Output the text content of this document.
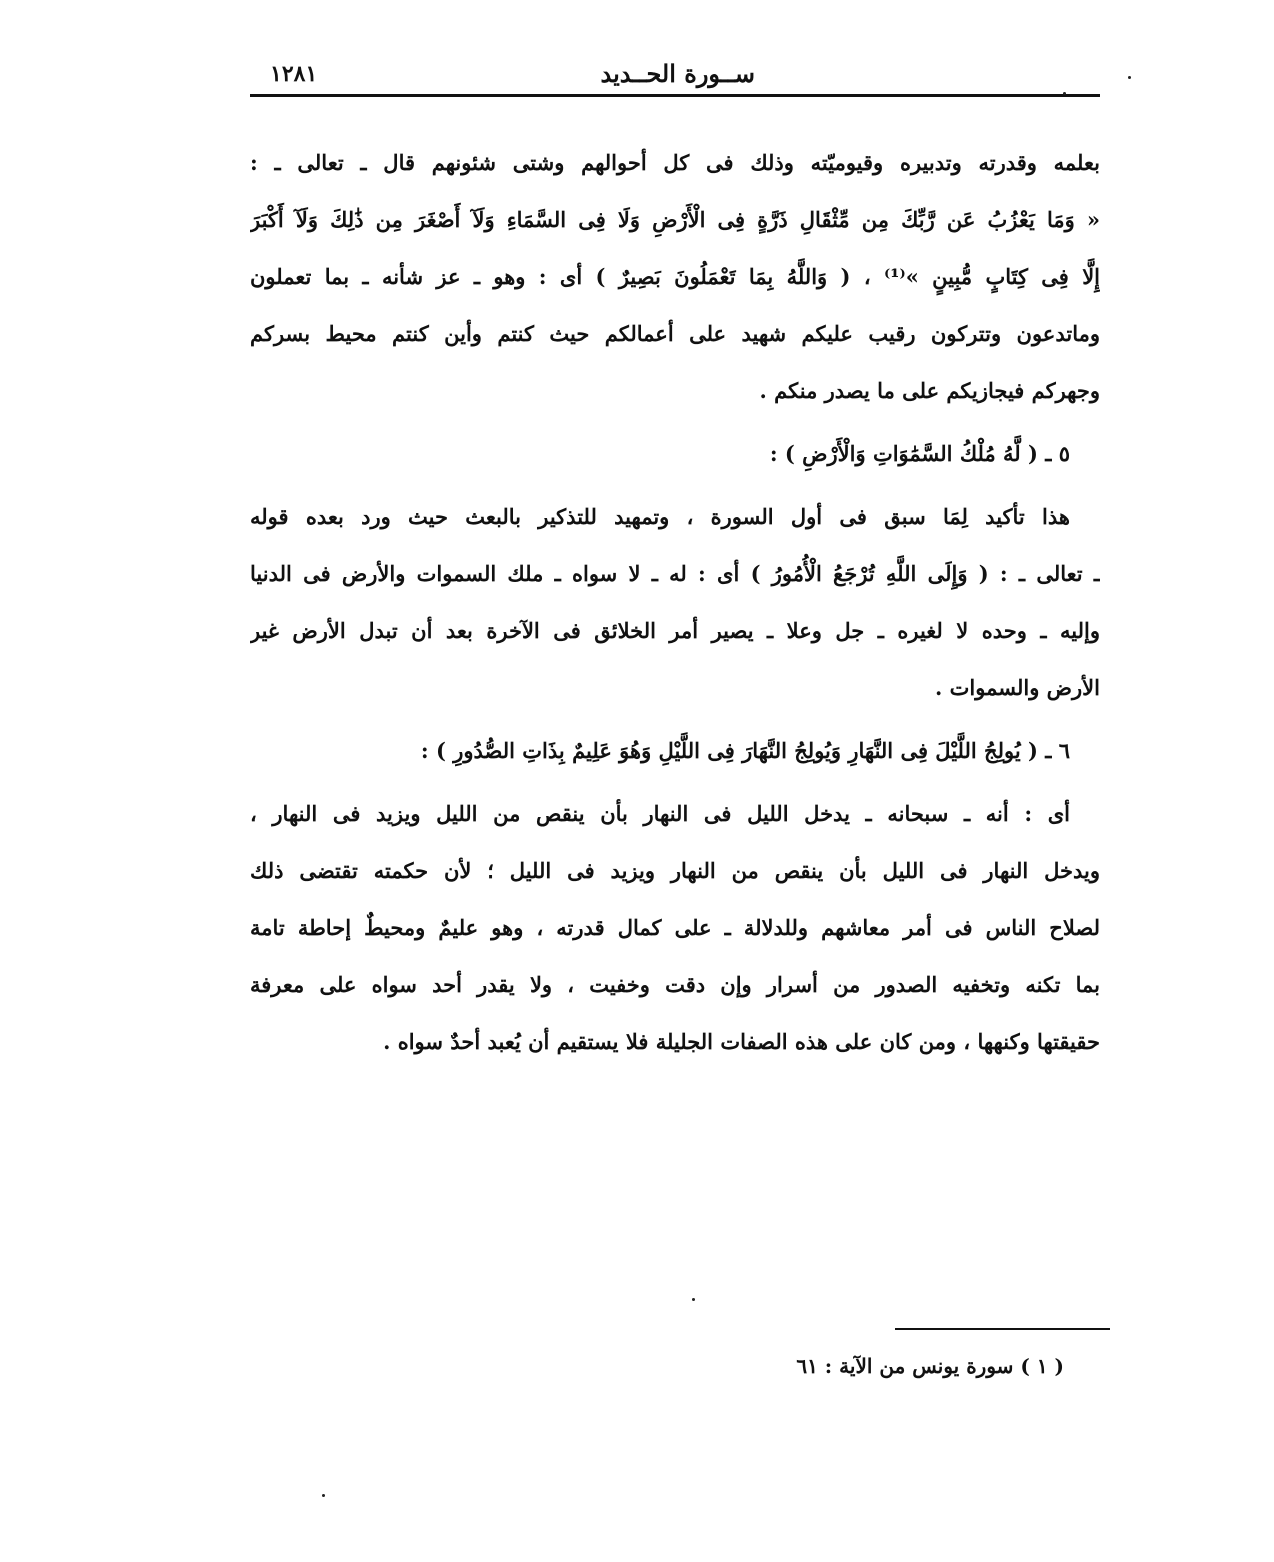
ســورة الحــديد
١٢٨١
بعلمه وقدرته وتدبيره وقيوميّته وذلك فى كل أحوالهم وشتى شئونهم قال ـ تعالى ـ :
« وَمَا يَعْزُبُ عَن رَّبِّكَ مِن مِّثْقَالِ ذَرَّةٍ فِى الْأَرْضِ وَلَا فِى السَّمَاءِ وَلَآ أَصْغَرَ مِن ذَٰلِكَ وَلَآ أَكْبَرَ
إِلَّا فِى كِتَابٍ مُّبِينٍ »⁽¹⁾ ، ( وَاللَّهُ بِمَا تَعْمَلُونَ بَصِيرٌ ) أى : وهو ـ عز شأنه ـ بما تعملون
وماتدعون وتتركون رقيب عليكم شهيد على أعمالكم حيث كنتم وأين كنتم محيط بسركم
وجهركم فيجازيكم على ما يصدر منكم .
٥ ـ ( لَّهُ مُلْكُ السَّمَٰوَاتِ وَالْأَرْضِ ) :
هذا تأكيد لِمَا سبق فى أول السورة ، وتمهيد للتذكير بالبعث حيث ورد بعده قوله
ـ تعالى ـ : ( وَإِلَى اللَّهِ تُرْجَعُ الْأُمُورُ ) أى : له ـ لا سواه ـ ملك السموات والأرض فى الدنيا
وإليه ـ وحده لا لغيره ـ جل وعلا ـ يصير أمر الخلائق فى الآخرة بعد أن تبدل الأرض غير
الأرض والسموات .
٦ ـ ( يُولِجُ اللَّيْلَ فِى النَّهَارِ وَيُولِجُ النَّهَارَ فِى اللَّيْلِ وَهُوَ عَلِيمٌ بِذَاتِ الصُّدُورِ ) :
أى : أنه ـ سبحانه ـ يدخل الليل فى النهار بأن ينقص من الليل ويزيد فى النهار ،
ويدخل النهار فى الليل بأن ينقص من النهار ويزيد فى الليل ؛ لأن حكمته تقتضى ذلك
لصلاح الناس فى أمر معاشهم وللدلالة ـ على كمال قدرته ، وهو عليمٌ ومحيطٌ إحاطة تامة
بما تكنه وتخفيه الصدور من أسرار وإن دقت وخفيت ، ولا يقدر أحد سواه على معرفة
حقيقتها وكنهها ، ومن كان على هذه الصفات الجليلة فلا يستقيم أن يُعبد أحدٌ سواه .
( ١ ) سورة يونس من الآية : ٦١
